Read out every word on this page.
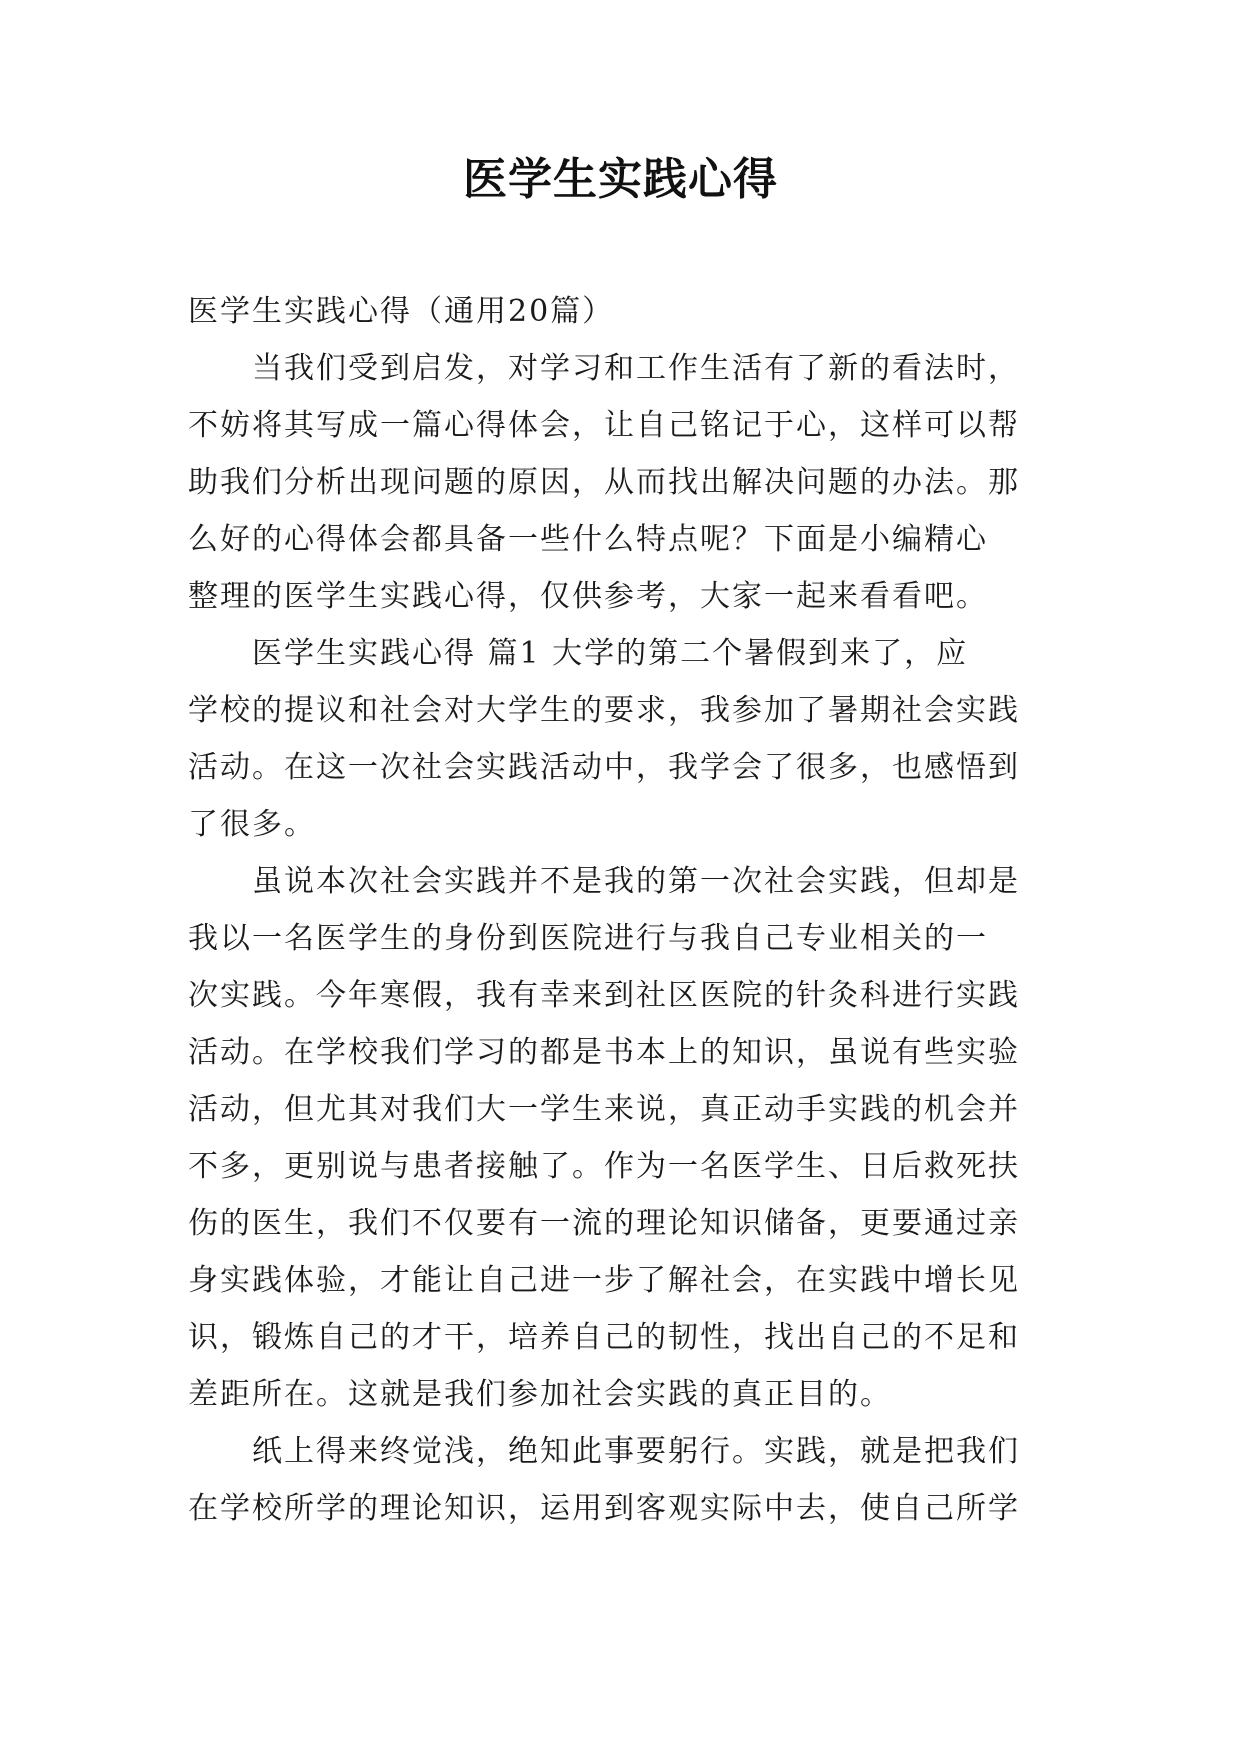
医学生实践心得
医学生实践心得（通用20篇）
当我们受到启发，对学习和工作生活有了新的看法时，
不妨将其写成一篇心得体会，让自己铭记于心，这样可以帮
助我们分析出现问题的原因，从而找出解决问题的办法。那
么好的心得体会都具备一些什么特点呢？下面是小编精心
整理的医学生实践心得，仅供参考，大家一起来看看吧。
医学生实践心得 篇1 大学的第二个暑假到来了，应
学校的提议和社会对大学生的要求，我参加了暑期社会实践
活动。在这一次社会实践活动中，我学会了很多，也感悟到
了很多。
虽说本次社会实践并不是我的第一次社会实践，但却是
我以一名医学生的身份到医院进行与我自己专业相关的一
次实践。今年寒假，我有幸来到社区医院的针灸科进行实践
活动。在学校我们学习的都是书本上的知识，虽说有些实验
活动，但尤其对我们大一学生来说，真正动手实践的机会并
不多，更别说与患者接触了。作为一名医学生、日后救死扶
伤的医生，我们不仅要有一流的理论知识储备，更要通过亲
身实践体验，才能让自己进一步了解社会，在实践中增长见
识，锻炼自己的才干，培养自己的韧性，找出自己的不足和
差距所在。这就是我们参加社会实践的真正目的。
纸上得来终觉浅，绝知此事要躬行。实践，就是把我们
在学校所学的理论知识，运用到客观实际中去，使自己所学
